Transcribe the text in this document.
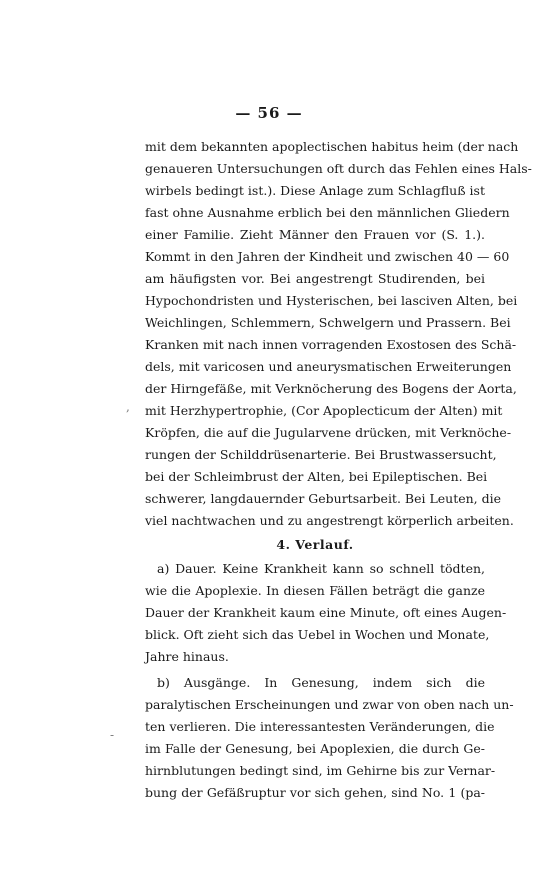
— 56 —
mit dem bekannten apoplectischen habitus heim (der nach
genaueren Untersuchungen oft durch das Fehlen eines Hals-
wirbels bedingt ist.). Diese Anlage zum Schlagfluß ist
fast ohne Ausnahme erblich bei den männlichen Gliedern
einer Familie. Zieht Männer den Frauen vor (S. 1.).
Kommt in den Jahren der Kindheit und zwischen 40 — 60
am häufigsten vor. Bei angestrengt Studirenden, bei
Hypochondristen und Hysterischen, bei lasciven Alten, bei
Weichlingen, Schlemmern, Schwelgern und Prassern. Bei
Kranken mit nach innen vorragenden Exostosen des Schä-
dels, mit varicosen und aneurysmatischen Erweiterungen
der Hirngefäße, mit Verknöcherung des Bogens der Aorta,
mit Herzhypertrophie, (Cor Apoplecticum der Alten) mit
Kröpfen, die auf die Jugularvene drücken, mit Verknöche-
rungen der Schilddrüsenarterie. Bei Brustwassersucht,
bei der Schleimbrust der Alten, bei Epileptischen. Bei
schwerer, langdauernder Geburtsarbeit. Bei Leuten, die
viel nachtwachen und zu angestrengt körperlich arbeiten.
4. Verlauf.
a) Dauer. Keine Krankheit kann so schnell tödten,
wie die Apoplexie. In diesen Fällen beträgt die ganze
Dauer der Krankheit kaum eine Minute, oft eines Augen-
blick. Oft zieht sich das Uebel in Wochen und Monate,
Jahre hinaus.
b) Ausgänge. In Genesung, indem sich die
paralytischen Erscheinungen und zwar von oben nach un-
ten verlieren. Die interessantesten Veränderungen, die
im Falle der Genesung, bei Apoplexien, die durch Ge-
hirnblutungen bedingt sind, im Gehirne bis zur Vernar-
bung der Gefäßruptur vor sich gehen, sind No. 1 (pa-
,
-
